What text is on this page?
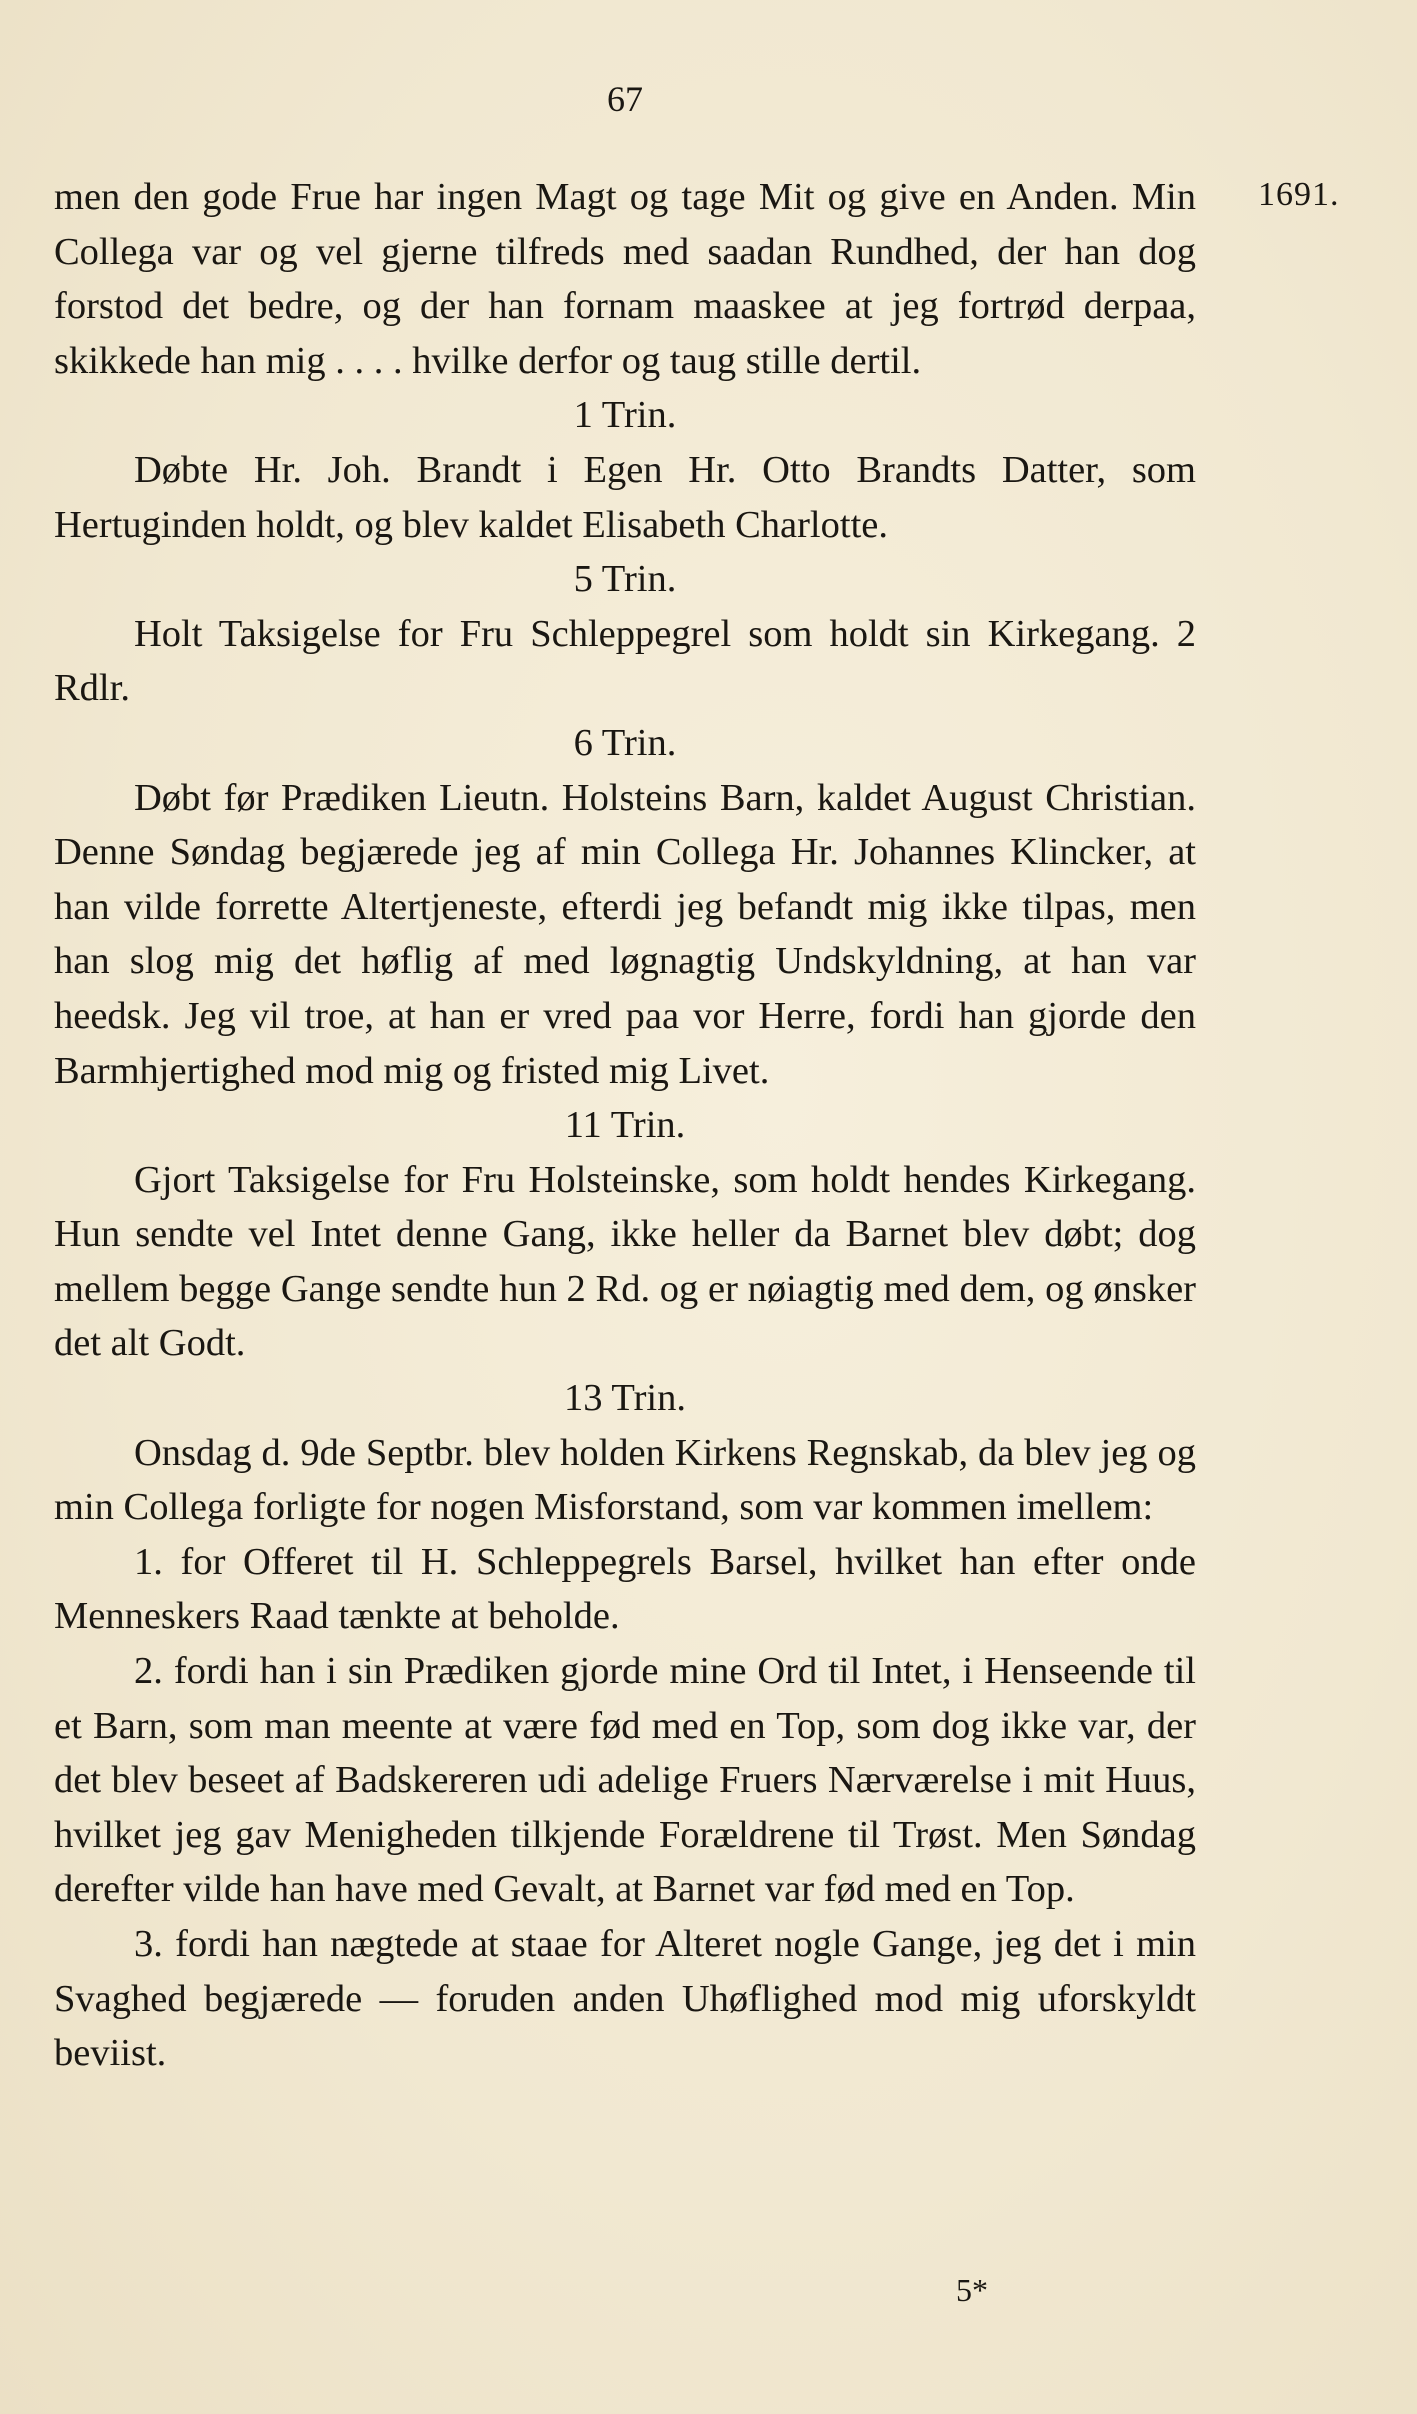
67
1691.
men den gode Frue har ingen Magt og tage Mit og give en Anden. Min Collega var og vel gjerne tilfreds med saadan Rundhed, der han dog forstod det bedre, og der han fornam maaskee at jeg fortrød derpaa, skikkede han mig . . . . hvilke derfor og taug stille dertil.
1 Trin.
Døbte Hr. Joh. Brandt i Egen Hr. Otto Brandts Datter, som Hertuginden holdt, og blev kaldet Elisabeth Charlotte.
5 Trin.
Holt Taksigelse for Fru Schleppegrel som holdt sin Kirkegang. 2 Rdlr.
6 Trin.
Døbt før Prædiken Lieutn. Holsteins Barn, kaldet August Christian. Denne Søndag begjærede jeg af min Collega Hr. Johannes Klincker, at han vilde forrette Altertjeneste, efterdi jeg befandt mig ikke tilpas, men han slog mig det høflig af med løgnagtig Undskyldning, at han var heedsk. Jeg vil troe, at han er vred paa vor Herre, fordi han gjorde den Barmhjertighed mod mig og fristed mig Livet.
11 Trin.
Gjort Taksigelse for Fru Holsteinske, som holdt hendes Kirkegang. Hun sendte vel Intet denne Gang, ikke heller da Barnet blev døbt; dog mellem begge Gange sendte hun 2 Rd. og er nøiagtig med dem, og ønsker det alt Godt.
13 Trin.
Onsdag d. 9de Septbr. blev holden Kirkens Regnskab, da blev jeg og min Collega forligte for nogen Misforstand, som var kommen imellem:
1. for Offeret til H. Schleppegrels Barsel, hvilket han efter onde Menneskers Raad tænkte at beholde.
2. fordi han i sin Prædiken gjorde mine Ord til Intet, i Henseende til et Barn, som man meente at være fød med en Top, som dog ikke var, der det blev beseet af Badskereren udi adelige Fruers Nærværelse i mit Huus, hvilket jeg gav Menigheden tilkjende Forældrene til Trøst. Men Søndag derefter vilde han have med Gevalt, at Barnet var fød med en Top.
3. fordi han nægtede at staae for Alteret nogle Gange, jeg det i min Svaghed begjærede — foruden anden Uhøflighed mod mig uforskyldt beviist.
5*
